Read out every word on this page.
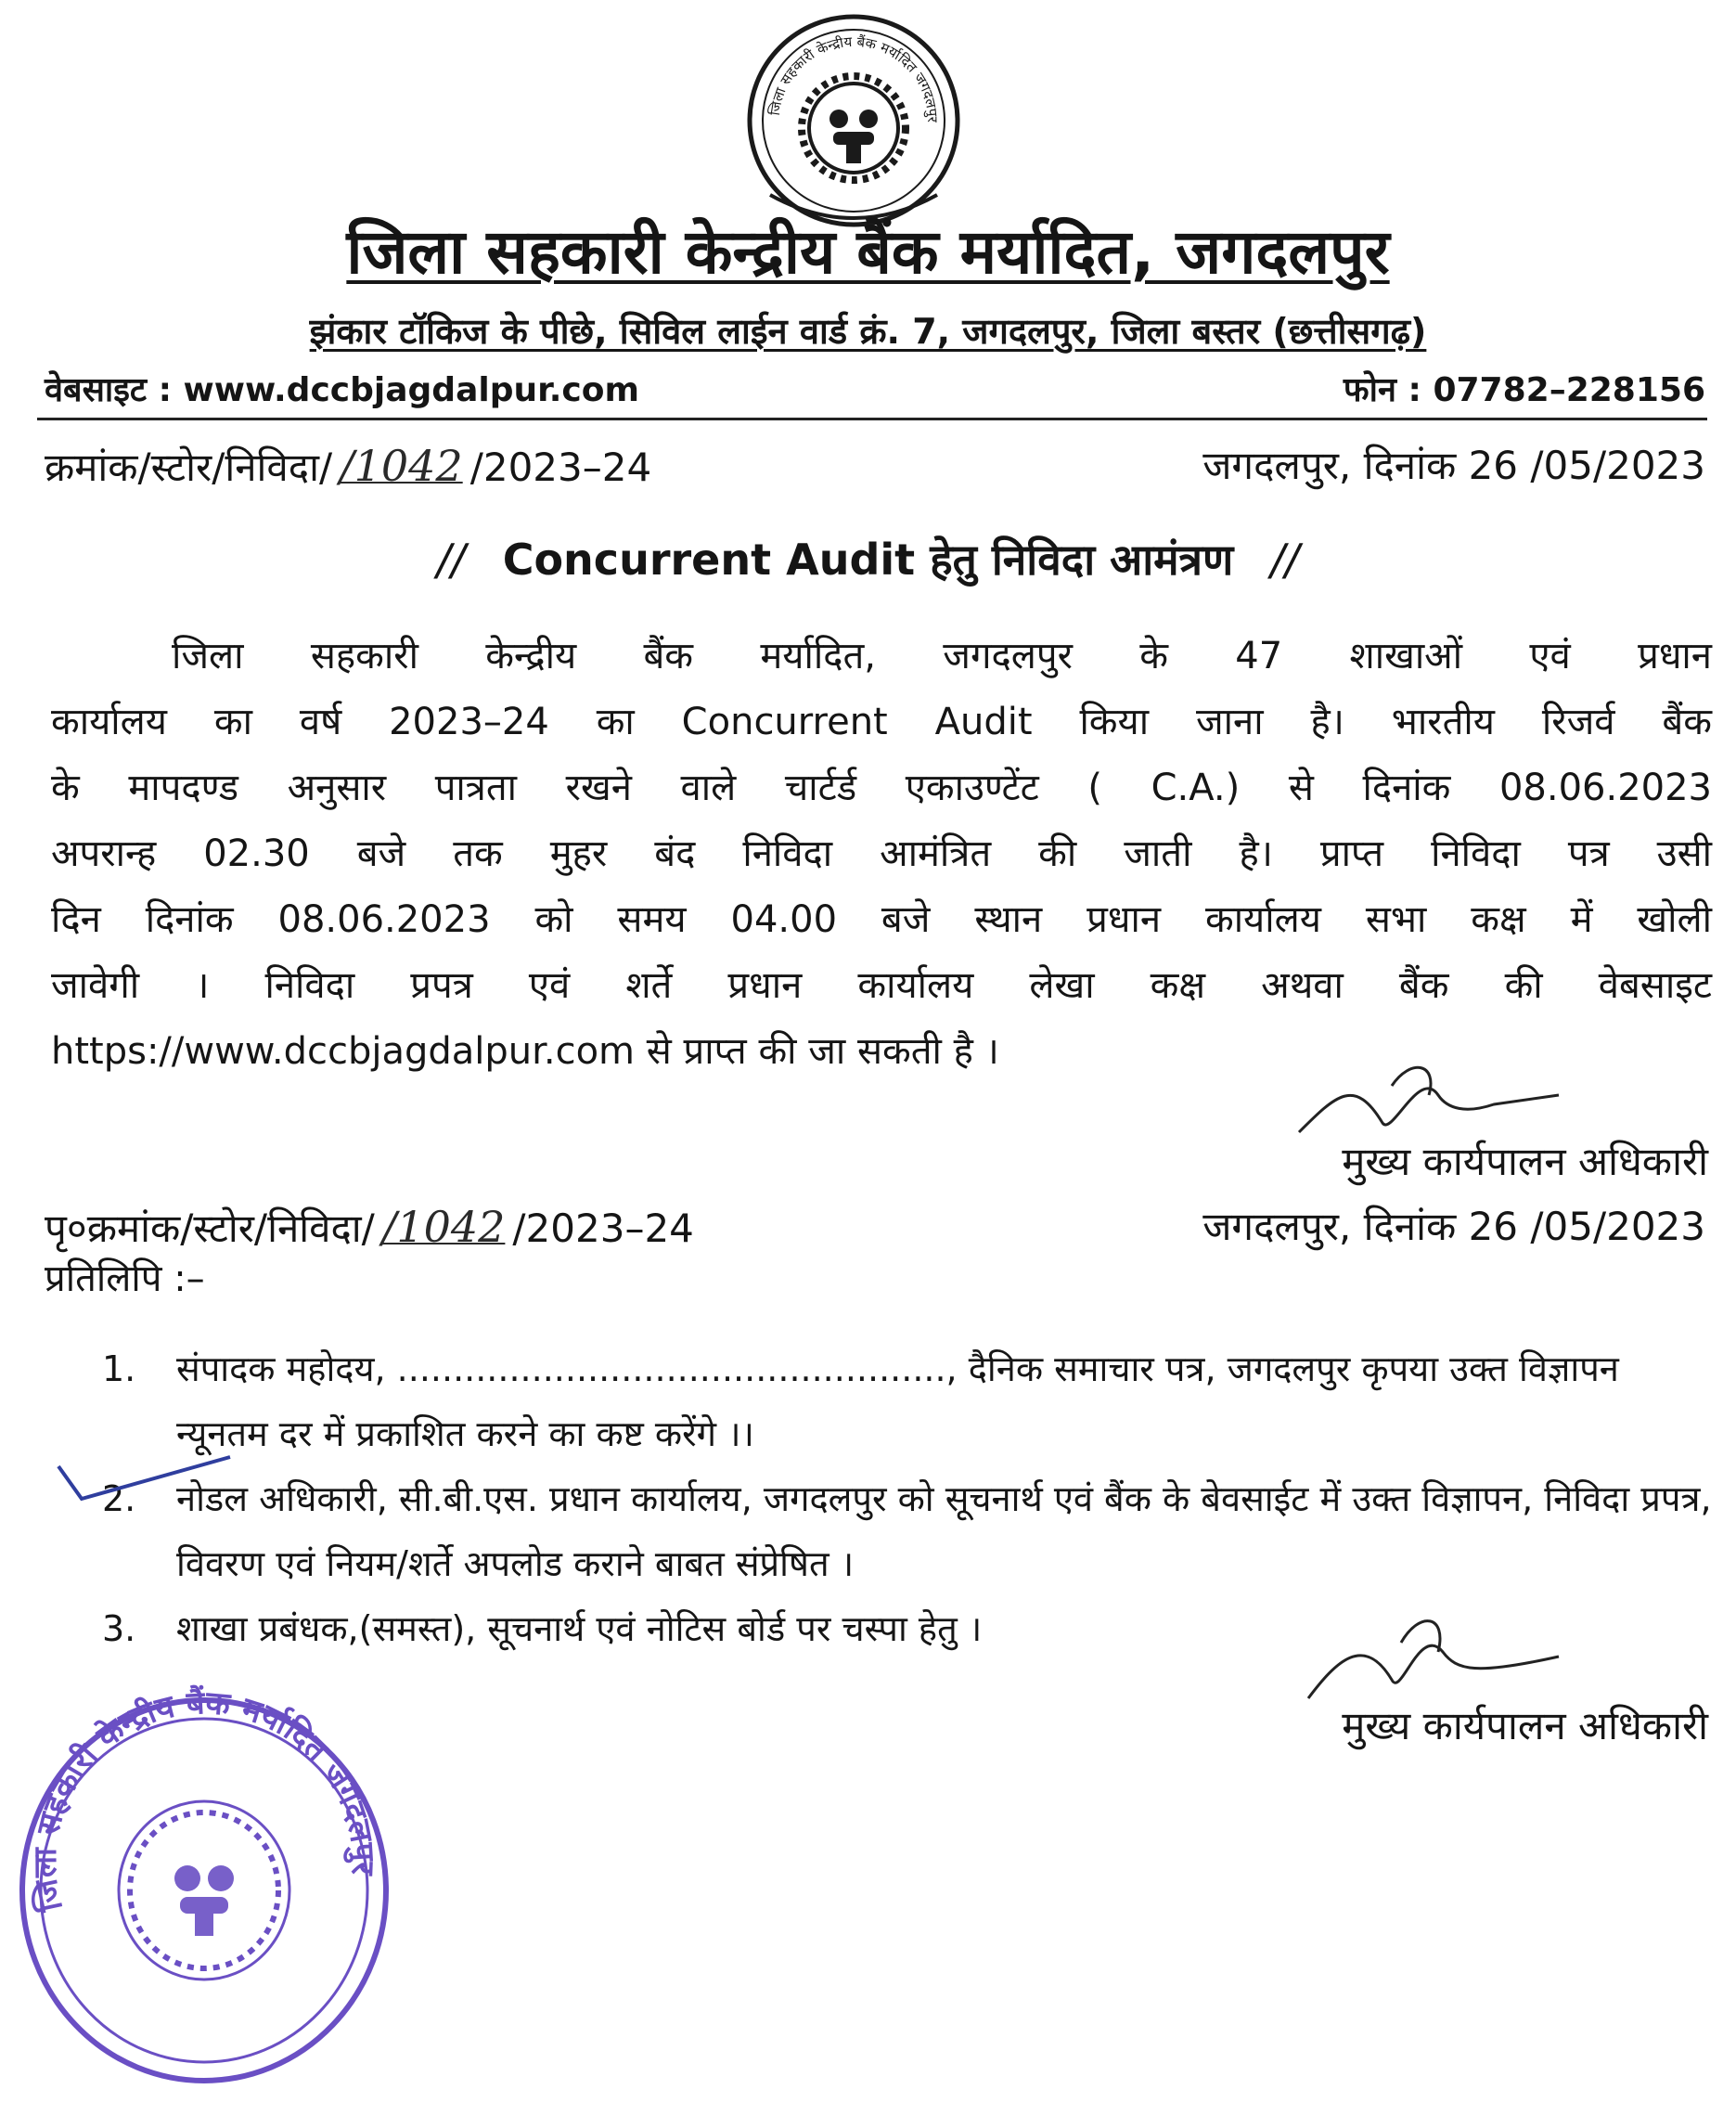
जिला सहकारी केन्द्रीय बैंक मर्यादित जगदलपुर
जिला सहकारी केन्द्रीय बैंक मर्यादित, जगदलपुर
झंकार टॉकिज के पीछे, सिविल लाईन वार्ड क्रं. 7, जगदलपुर, जिला बस्तर (छत्तीसगढ़)
वेबसाइट : www.dccbjagdalpur.com	फोन : 07782–228156
क्रमांक/स्टोर/निविदा/ /1042 /2023–24	जगदलपुर, दिनांक 26 /05/2023
// Concurrent Audit हेतु निविदा आमंत्रण //
जिला सहकारी केन्द्रीय बैंक मर्यादित, जगदलपुर के 47 शाखाओं एवं प्रधान
कार्यालय का वर्ष 2023–24 का Concurrent Audit किया जाना है। भारतीय रिजर्व बैंक
के मापदण्ड अनुसार पात्रता रखने वाले चार्टर्ड एकाउण्टेंट ( C.A.) से दिनांक 08.06.2023
अपरान्ह 02.30 बजे तक मुहर बंद निविदा आमंत्रित की जाती है। प्राप्त निविदा पत्र उसी
दिन दिनांक 08.06.2023 को समय 04.00 बजे स्थान प्रधान कार्यालय सभा कक्ष में खोली
जावेगी । निविदा प्रपत्र एवं शर्ते प्रधान कार्यालय लेखा कक्ष अथवा बैंक की वेबसाइट
https://www.dccbjagdalpur.com से प्राप्त की जा सकती है ।
मुख्य कार्यपालन अधिकारी
पृ०क्रमांक/स्टोर/निविदा/ /1042 /2023–24	जगदलपुर, दिनांक 26 /05/2023
प्रतिलिपि :–
1. संपादक महोदय, ................................................., दैनिक समाचार पत्र, जगदलपुर कृपया उक्त विज्ञापन न्यूनतम दर में प्रकाशित करने का कष्ट करेंगे ।।
2. नोडल अधिकारी, सी.बी.एस. प्रधान कार्यालय, जगदलपुर को सूचनार्थ एवं बैंक के बेवसाईट में उक्त विज्ञापन, निविदा प्रपत्र, विवरण एवं नियम/शर्ते अपलोड कराने बाबत संप्रेषित ।
3. शाखा प्रबंधक,(समस्त), सूचनार्थ एवं नोटिस बोर्ड पर चस्पा हेतु ।
मुख्य कार्यपालन अधिकारी
जिला सहकारी केन्द्रीय बैंक मर्यादित जगदलपुर
